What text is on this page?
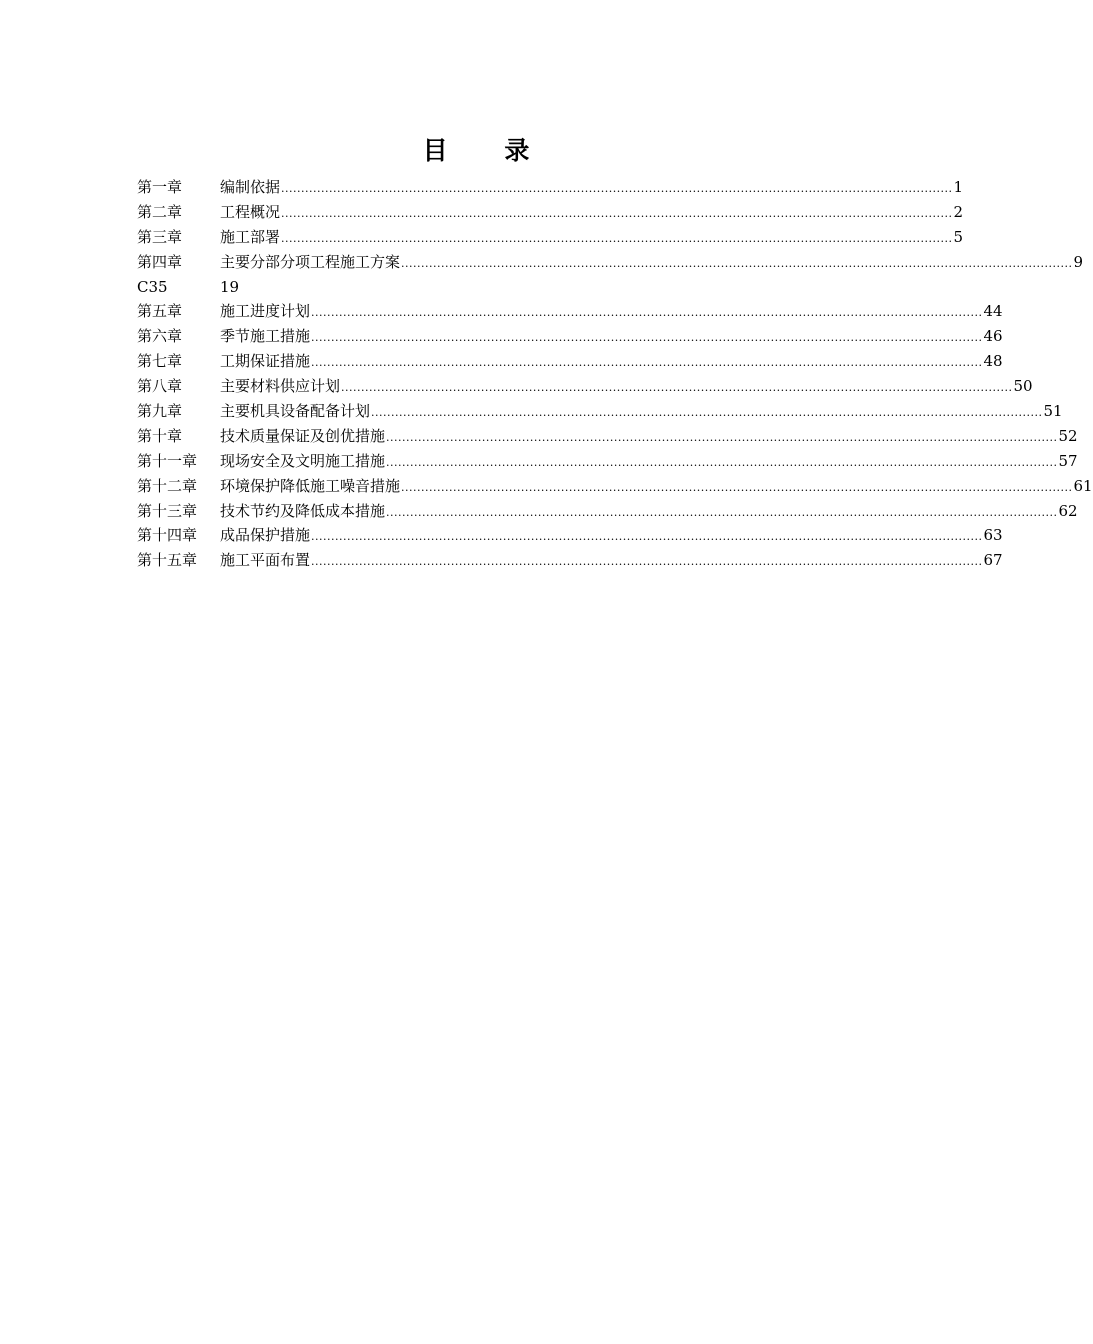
目 录
第一章	编制依据 ........................................................................................................................................................................ 1
第二章	工程概况 ........................................................................................................................................................................ 2
第三章	施工部署 ........................................................................................................................................................................ 5
第四章	主要分部分项工程施工方案 ........................................................................................................................................................................ 9
C35	19
第五章	施工进度计划 ........................................................................................................................................................................ 44
第六章	季节施工措施 ........................................................................................................................................................................ 46
第七章	工期保证措施 ........................................................................................................................................................................ 48
第八章	主要材料供应计划 ........................................................................................................................................................................ 50
第九章	主要机具设备配备计划 ........................................................................................................................................................................ 51
第十章	技术质量保证及创优措施 ........................................................................................................................................................................ 52
第十一章	现场安全及文明施工措施 ........................................................................................................................................................................ 57
第十二章	环境保护降低施工噪音措施 ........................................................................................................................................................................ 61
第十三章	技术节约及降低成本措施 ........................................................................................................................................................................ 62
第十四章	成品保护措施 ........................................................................................................................................................................ 63
第十五章	施工平面布置 ........................................................................................................................................................................ 67
